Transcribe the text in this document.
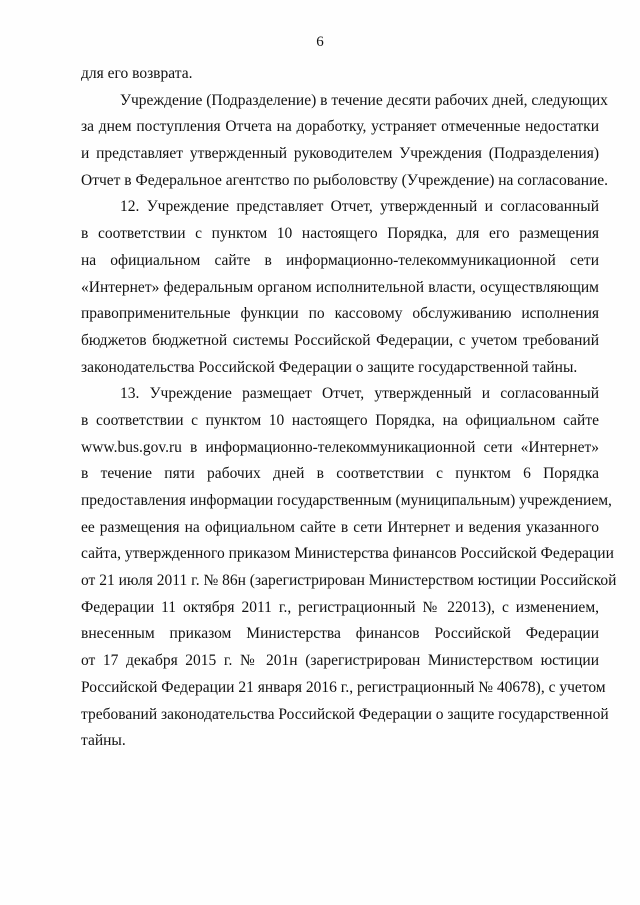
6
для его возврата.
Учреждение (Подразделение) в течение десяти рабочих дней, следующих
за днем поступления Отчета на доработку, устраняет отмеченные недостатки
и представляет утвержденный руководителем Учреждения (Подразделения)
Отчет в Федеральное агентство по рыболовству (Учреждение) на согласование.
12. Учреждение представляет Отчет, утвержденный и согласованный
в соответствии с пунктом 10 настоящего Порядка, для его размещения
на официальном сайте в информационно-телекоммуникационной сети
«Интернет» федеральным органом исполнительной власти, осуществляющим
правоприменительные функции по кассовому обслуживанию исполнения
бюджетов бюджетной системы Российской Федерации, с учетом требований
законодательства Российской Федерации о защите государственной тайны.
13. Учреждение размещает Отчет, утвержденный и согласованный
в соответствии с пунктом 10 настоящего Порядка, на официальном сайте
www.bus.gov.ru в информационно-телекоммуникационной сети «Интернет»
в течение пяти рабочих дней в соответствии с пунктом 6 Порядка
предоставления информации государственным (муниципальным) учреждением,
ее размещения на официальном сайте в сети Интернет и ведения указанного
сайта, утвержденного приказом Министерства финансов Российской Федерации
от 21 июля 2011 г. № 86н (зарегистрирован Министерством юстиции Российской
Федерации 11 октября 2011 г., регистрационный № 22013), с изменением,
внесенным приказом Министерства финансов Российской Федерации
от 17 декабря 2015 г. № 201н (зарегистрирован Министерством юстиции
Российской Федерации 21 января 2016 г., регистрационный № 40678), с учетом
требований законодательства Российской Федерации о защите государственной
тайны.
